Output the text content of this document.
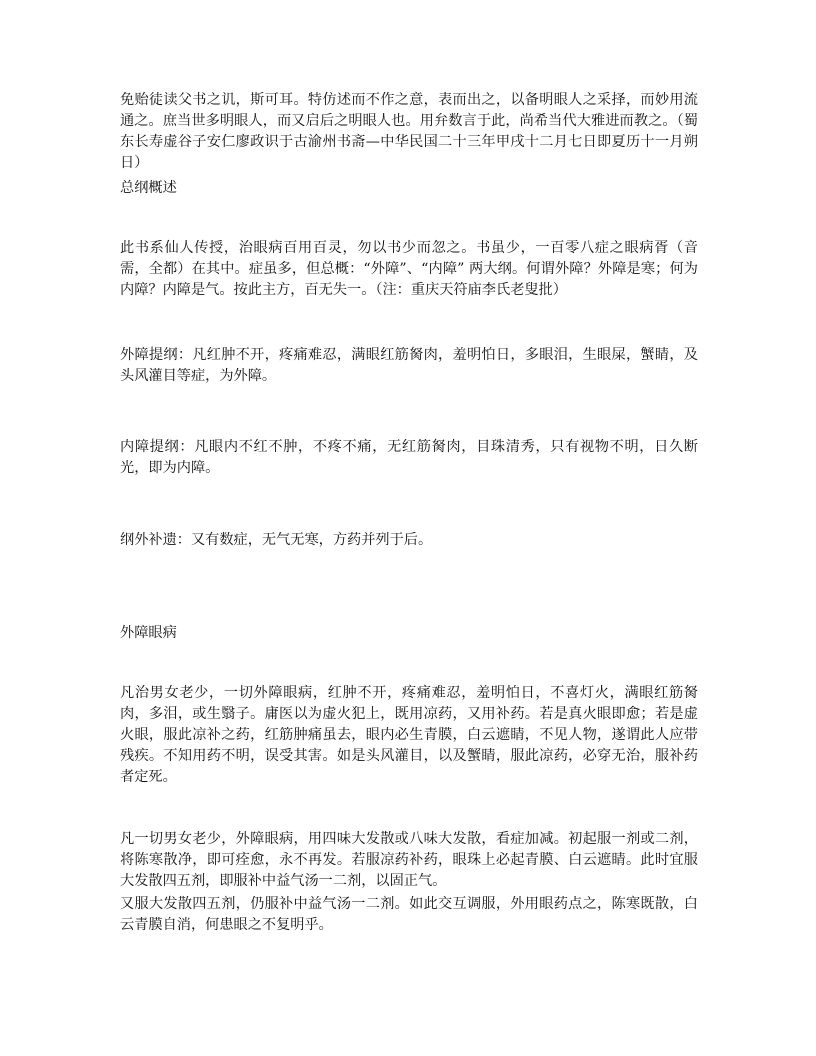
免贻徒读父书之讥，斯可耳。特仿述而不作之意，表而出之，以备明眼人之采择，而妙用流通之。庶当世多明眼人，而又启后之明眼人也。用弁数言于此，尚希当代大雅进而教之。（蜀东长寿虚谷子安仁廖政识于古渝州书斋—中华民国二十三年甲戌十二月七日即夏历十一月朔日）

总纲概述

此书系仙人传授，治眼病百用百灵，勿以书少而忽之。书虽少，一百零八症之眼病胥（音需，全都）在其中。症虽多，但总概：“外障”、“内障” 两大纲。何谓外障？外障是寒；何为内障？内障是气。按此主方，百无失一。（注：重庆天符庙李氏老叟批）

外障提纲：凡红肿不开，疼痛难忍，满眼红筋胬肉，羞明怕日，多眼泪，生眼屎，蟹睛，及头风灌目等症，为外障。

内障提纲：凡眼内不红不肿，不疼不痛，无红筋胬肉，目珠清秀，只有视物不明，日久断光，即为内障。

纲外补遗：又有数症，无气无寒，方药并列于后。

外障眼病

凡治男女老少，一切外障眼病，红肿不开，疼痛难忍，羞明怕日，不喜灯火，满眼红筋胬肉，多泪，或生翳子。庸医以为虚火犯上，既用凉药，又用补药。若是真火眼即愈；若是虚火眼，服此凉补之药，红筋肿痛虽去，眼内必生青膜，白云遮睛，不见人物，遂谓此人应带残疾。不知用药不明，误受其害。如是头风灌目，以及蟹睛，服此凉药，必穿无治，服补药者定死。

凡一切男女老少，外障眼病，用四味大发散或八味大发散，看症加减。初起服一剂或二剂，将陈寒散净，即可痊愈，永不再发。若服凉药补药，眼珠上必起青膜、白云遮睛。此时宜服大发散四五剂，即服补中益气汤一二剂，以固正气。

又服大发散四五剂，仍服补中益气汤一二剂。如此交互调服，外用眼药点之，陈寒既散，白云青膜自消，何患眼之不复明乎。
